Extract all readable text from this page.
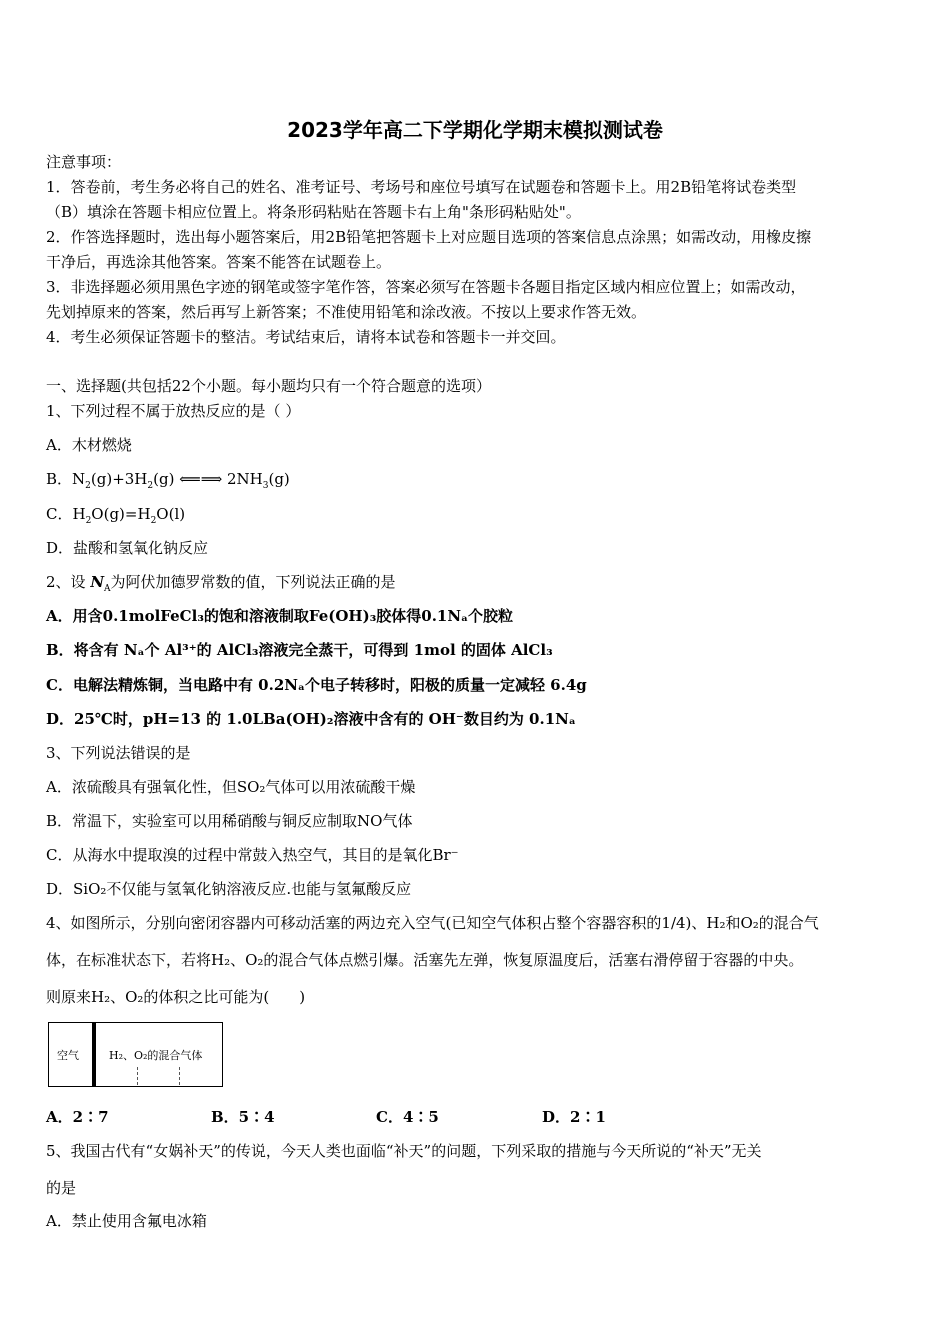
2023学年高二下学期化学期末模拟测试卷
注意事项：
1．答卷前，考生务必将自己的姓名、准考证号、考场号和座位号填写在试题卷和答题卡上。用2B铅笔将试卷类型
（B）填涂在答题卡相应位置上。将条形码粘贴在答题卡右上角"条形码粘贴处"。
2．作答选择题时，选出每小题答案后，用2B铅笔把答题卡上对应题目选项的答案信息点涂黑；如需改动，用橡皮擦
干净后，再选涂其他答案。答案不能答在试题卷上。
3．非选择题必须用黑色字迹的钢笔或签字笔作答，答案必须写在答题卡各题目指定区域内相应位置上；如需改动，
先划掉原来的答案，然后再写上新答案；不准使用铅笔和涂改液。不按以上要求作答无效。
4．考生必须保证答题卡的整洁。考试结束后，请将本试卷和答题卡一并交回。
一、选择题(共包括22个小题。每小题均只有一个符合题意的选项）
1、下列过程不属于放热反应的是（ ）
A．木材燃烧
B．$N_2(g)+3H_2(g)$ ⟸⟹ $2NH_3(g)$
C．$H_2O(g)=H_2O(l)$
D．盐酸和氢氧化钠反应
2、设 $N_A$为阿伏加德罗常数的值，下列说法正确的是
A．用含0.1molFeCl₃的饱和溶液制取Fe(OH)₃胶体得0.1Nₐ个胶粒
B．将含有 Nₐ个 Al³⁺的 AlCl₃溶液完全蒸干，可得到 1mol 的固体 AlCl₃
C．电解法精炼铜，当电路中有 0.2Nₐ个电子转移时，阳极的质量一定减轻 6.4g
D．25℃时，pH=13 的 1.0LBa(OH)₂溶液中含有的 OH⁻数目约为 0.1Nₐ
3、下列说法错误的是
A．浓硫酸具有强氧化性，但SO₂气体可以用浓硫酸干燥
B．常温下，实验室可以用稀硝酸与铜反应制取NO气体
C．从海水中提取溴的过程中常鼓入热空气，其目的是氧化Br⁻
D．SiO₂不仅能与氢氧化钠溶液反应.也能与氢氟酸反应
4、如图所示，分别向密闭容器内可移动活塞的两边充入空气(已知空气体积占整个容器容积的1/4)、H₂和O₂的混合气
体，在标准状态下，若将H₂、O₂的混合气体点燃引爆。活塞先左弹，恢复原温度后，活塞右滑停留于容器的中央。
则原来H₂、O₂的体积之比可能为(　　)
空气	H₂、O₂的混合气体
A．2∶7	B．5∶4	C．4∶5	D．2∶1
5、我国古代有“女娲补天”的传说，今天人类也面临“补天”的问题，下列采取的措施与今天所说的“补天”无关
的是
A．禁止使用含氟电冰箱
